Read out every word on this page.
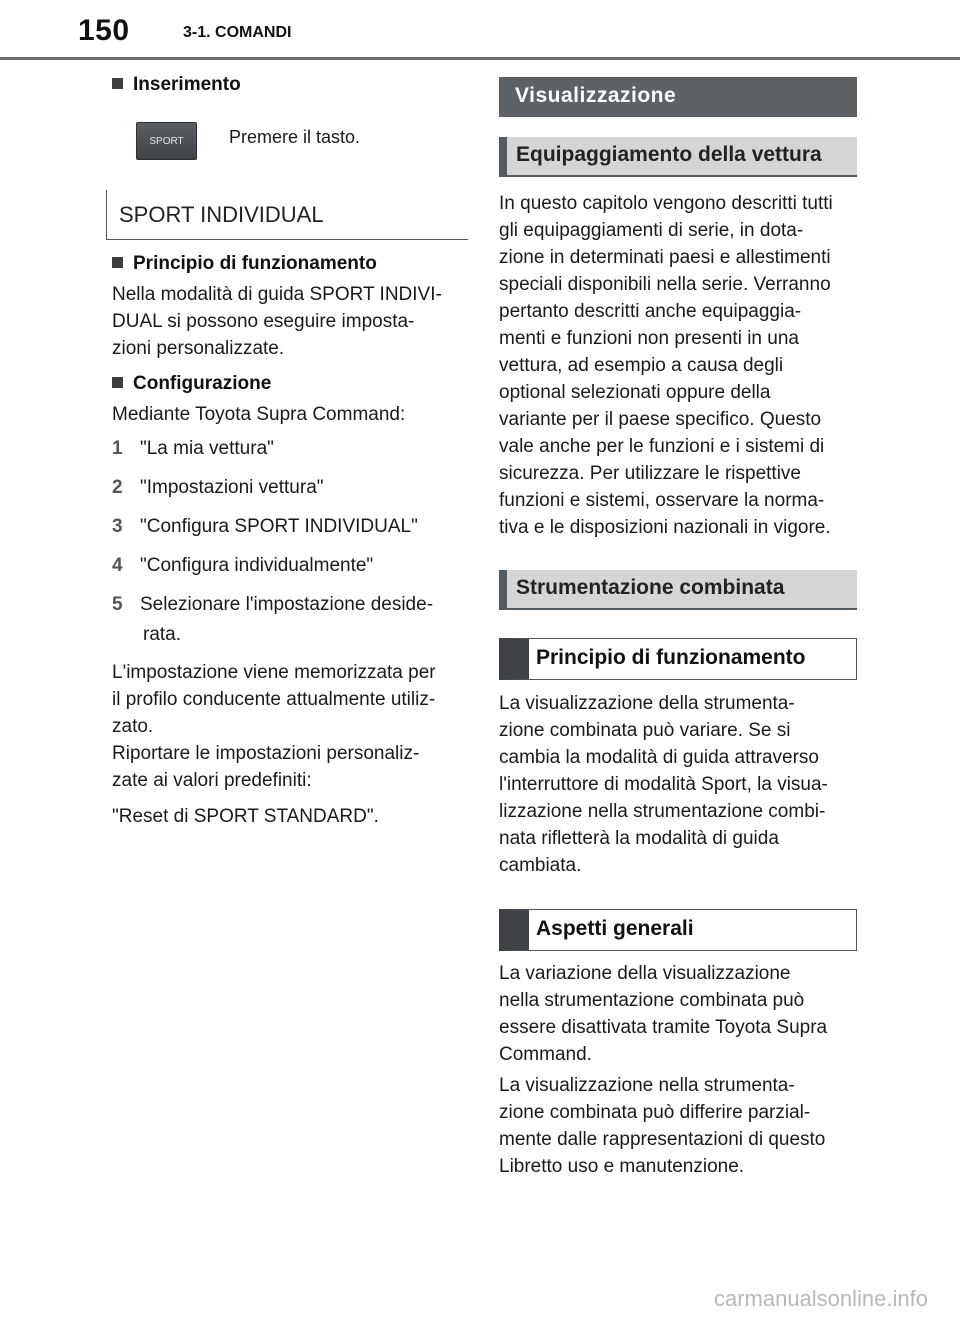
150	3-1. COMANDI
Inserimento
SPORT	Premere il tasto.
SPORT INDIVIDUAL
Principio di funzionamento
Nella modalità di guida SPORT INDIVI-
DUAL si possono eseguire imposta-
zioni personalizzate.
Configurazione
Mediante Toyota Supra Command:
1 "La mia vettura"
2 "Impostazioni vettura"
3 "Configura SPORT INDIVIDUAL"
4 "Configura individualmente"
5 Selezionare l'impostazione deside-
rata.
L'impostazione viene memorizzata per
il profilo conducente attualmente utiliz-
zato.
Riportare le impostazioni personaliz-
zate ai valori predefiniti:
"Reset di SPORT STANDARD".
Visualizzazione
Equipaggiamento della vettura
In questo capitolo vengono descritti tutti
gli equipaggiamenti di serie, in dota-
zione in determinati paesi e allestimenti
speciali disponibili nella serie. Verranno
pertanto descritti anche equipaggia-
menti e funzioni non presenti in una
vettura, ad esempio a causa degli
optional selezionati oppure della
variante per il paese specifico. Questo
vale anche per le funzioni e i sistemi di
sicurezza. Per utilizzare le rispettive
funzioni e sistemi, osservare la norma-
tiva e le disposizioni nazionali in vigore.
Strumentazione combinata
Principio di funzionamento
La visualizzazione della strumenta-
zione combinata può variare. Se si
cambia la modalità di guida attraverso
l'interruttore di modalità Sport, la visua-
lizzazione nella strumentazione combi-
nata rifletterà la modalità di guida
cambiata.
Aspetti generali
La variazione della visualizzazione
nella strumentazione combinata può
essere disattivata tramite Toyota Supra
Command.
La visualizzazione nella strumenta-
zione combinata può differire parzial-
mente dalle rappresentazioni di questo
Libretto uso e manutenzione.
carmanualsonline.info
